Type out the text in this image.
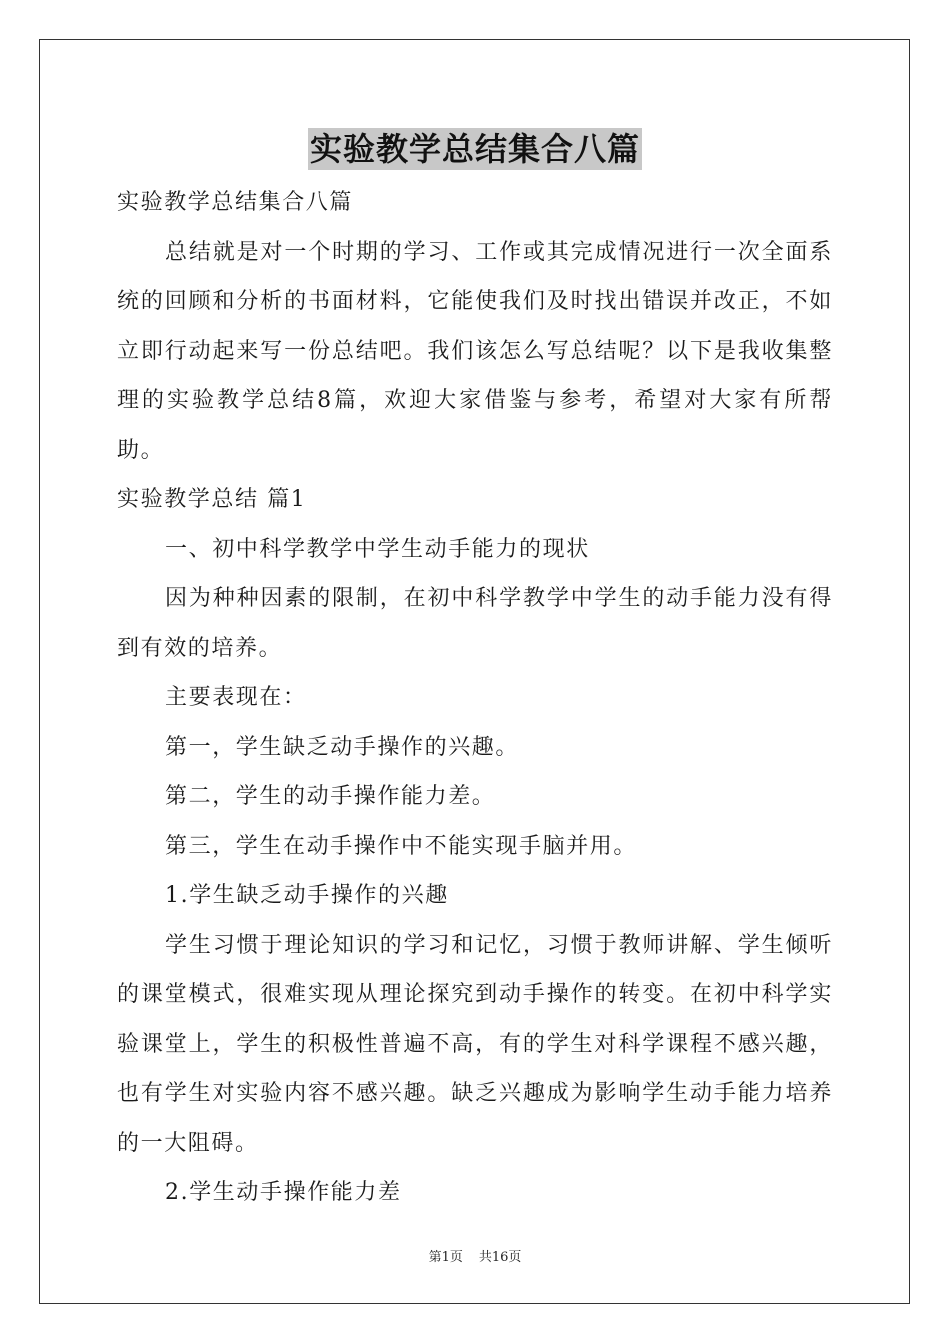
实验教学总结集合八篇

实验教学总结集合八篇

总结就是对一个时期的学习、工作或其完成情况进行一次全面系统的回顾和分析的书面材料，它能使我们及时找出错误并改正，不如立即行动起来写一份总结吧。我们该怎么写总结呢？以下是我收集整理的实验教学总结8篇，欢迎大家借鉴与参考，希望对大家有所帮助。

实验教学总结 篇1

一、初中科学教学中学生动手能力的现状

因为种种因素的限制，在初中科学教学中学生的动手能力没有得到有效的培养。

主要表现在：

第一，学生缺乏动手操作的兴趣。

第二，学生的动手操作能力差。

第三，学生在动手操作中不能实现手脑并用。

1.学生缺乏动手操作的兴趣

学生习惯于理论知识的学习和记忆，习惯于教师讲解、学生倾听的课堂模式，很难实现从理论探究到动手操作的转变。在初中科学实验课堂上，学生的积极性普遍不高，有的学生对科学课程不感兴趣，也有学生对实验内容不感兴趣。缺乏兴趣成为影响学生动手能力培养的一大阻碍。

2.学生动手操作能力差

第1页 共16页
